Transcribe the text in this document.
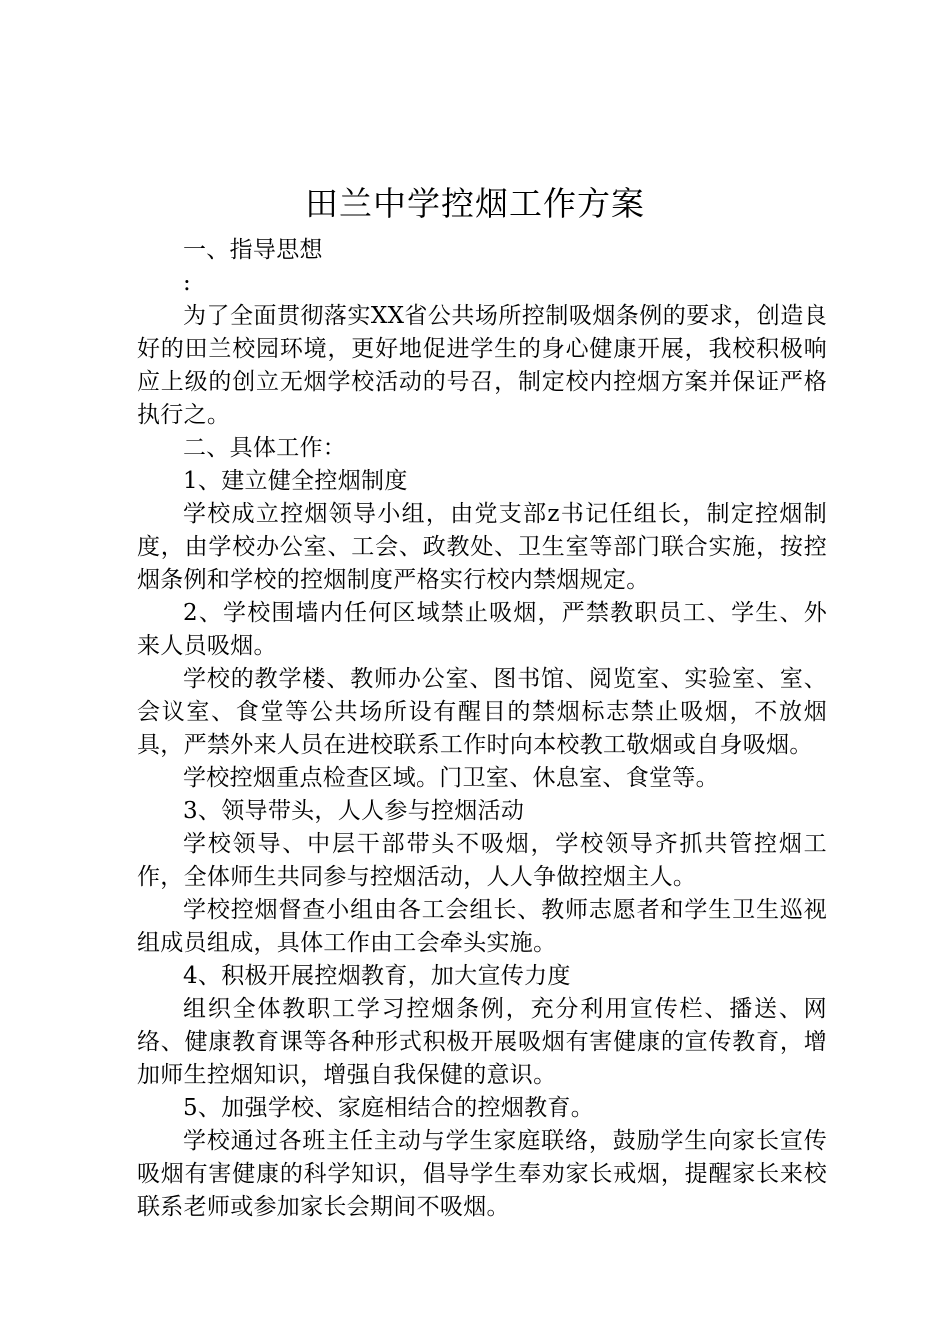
田兰中学控烟工作方案

一、指导思想

:

为了全面贯彻落实XX省公共场所控制吸烟条例的要求，创造良好的田兰校园环境，更好地促进学生的身心健康开展，我校积极响应上级的创立无烟学校活动的号召，制定校内控烟方案并保证严格执行之。

二、具体工作：

1、建立健全控烟制度

学校成立控烟领导小组，由党支部z书记任组长，制定控烟制度，由学校办公室、工会、政教处、卫生室等部门联合实施，按控烟条例和学校的控烟制度严格实行校内禁烟规定。

2、学校围墙内任何区域禁止吸烟，严禁教职员工、学生、外来人员吸烟。

学校的教学楼、教师办公室、图书馆、阅览室、实验室、室、会议室、食堂等公共场所设有醒目的禁烟标志禁止吸烟，不放烟具，严禁外来人员在进校联系工作时向本校教工敬烟或自身吸烟。

学校控烟重点检查区域。门卫室、休息室、食堂等。

3、领导带头，人人参与控烟活动

学校领导、中层干部带头不吸烟，学校领导齐抓共管控烟工作，全体师生共同参与控烟活动，人人争做控烟主人。

学校控烟督查小组由各工会组长、教师志愿者和学生卫生巡视组成员组成，具体工作由工会牵头实施。

4、积极开展控烟教育，加大宣传力度

组织全体教职工学习控烟条例，充分利用宣传栏、播送、网络、健康教育课等各种形式积极开展吸烟有害健康的宣传教育，增加师生控烟知识，增强自我保健的意识。

5、加强学校、家庭相结合的控烟教育。

学校通过各班主任主动与学生家庭联络，鼓励学生向家长宣传吸烟有害健康的科学知识，倡导学生奉劝家长戒烟，提醒家长来校联系老师或参加家长会期间不吸烟。
